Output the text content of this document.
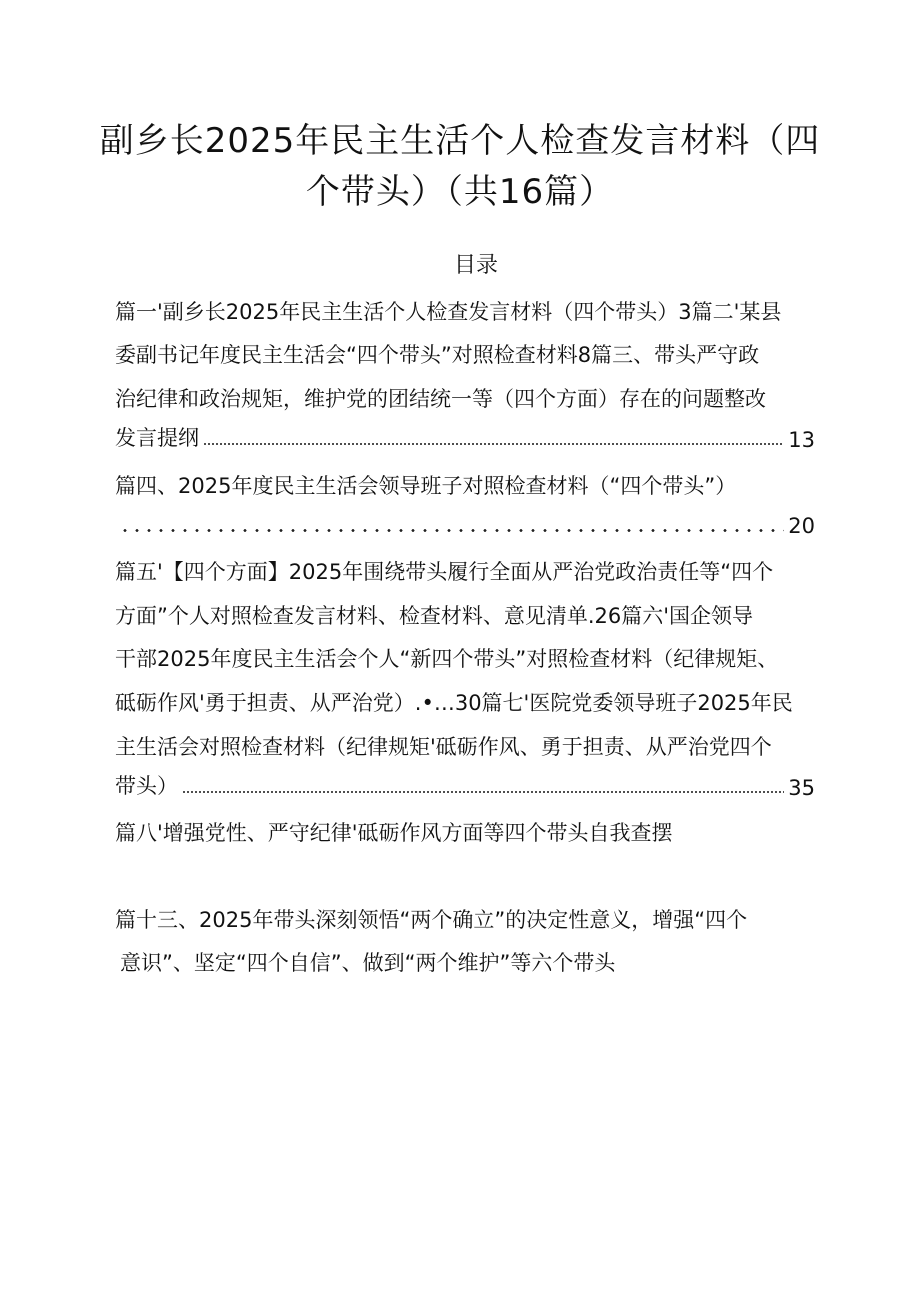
副乡长2025年民主生活个人检查发言材料（四
个带头）（共16篇）
目录
篇一'副乡长2025年民主生活个人检查发言材料（四个带头）3篇二'某县
委副书记年度民主生活会“四个带头”对照检查材料8篇三、带头严守政
治纪律和政治规矩，维护党的团结统一等（四个方面）存在的问题整改
发言提纲	13
篇四、2025年度民主生活会领导班子对照检查材料（“四个带头”）
20
篇五'【四个方面】2025年围绕带头履行全面从严治党政治责任等“四个
方面”个人对照检查发言材料、检查材料、意见清单.26篇六'国企领导
干部2025年度民主生活会个人“新四个带头”对照检查材料（纪律规矩、
砥砺作风'勇于担责、从严治党）.•…30篇七'医院党委领导班子2025年民
主生活会对照检查材料（纪律规矩'砥砺作风、勇于担责、从严治党四个
带头）	35
篇八'增强党性、严守纪律'砥砺作风方面等四个带头自我查摆
篇十三、2025年带头深刻领悟“两个确立”的决定性意义，增强“四个
意识”、坚定“四个自信”、做到“两个维护”等六个带头
